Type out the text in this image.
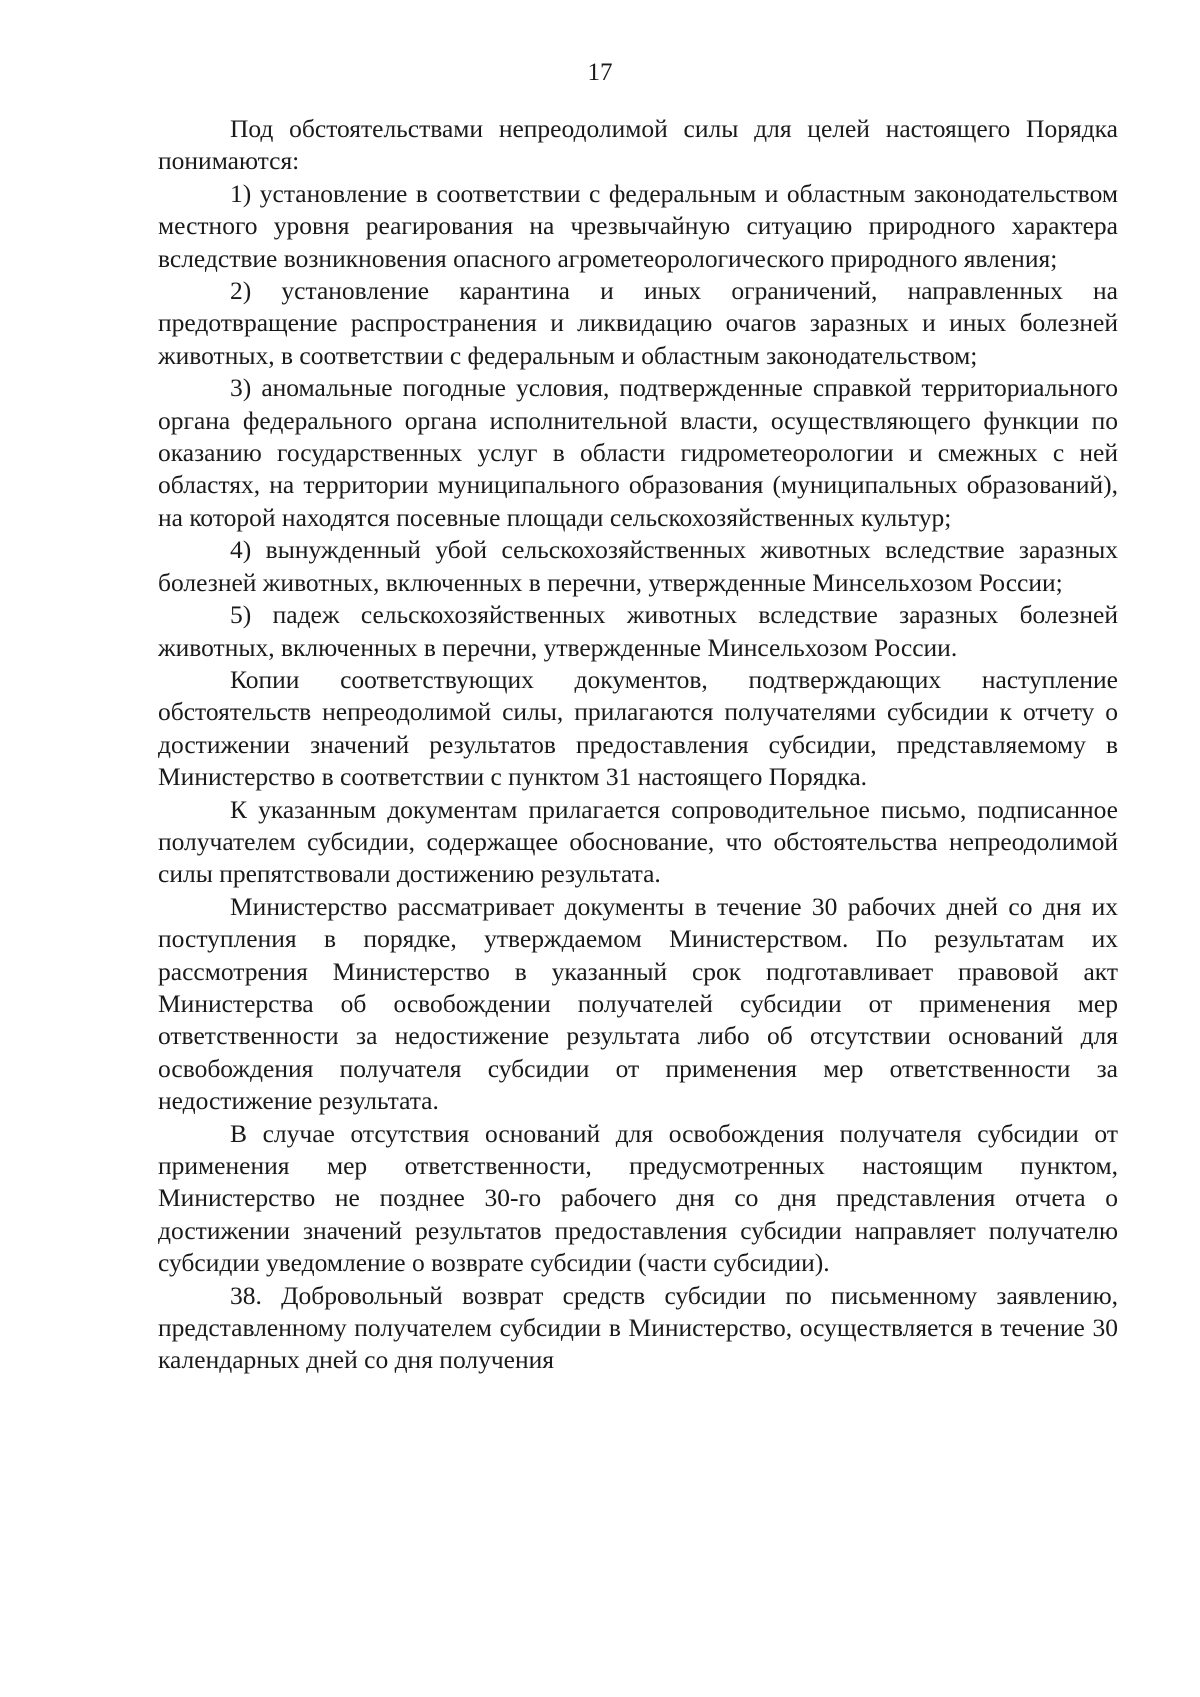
17

Под обстоятельствами непреодолимой силы для целей настоящего Порядка понимаются:

1) установление в соответствии с федеральным и областным законодательством местного уровня реагирования на чрезвычайную ситуацию природного характера вследствие возникновения опасного агрометеорологического природного явления;

2) установление карантина и иных ограничений, направленных на предотвращение распространения и ликвидацию очагов заразных и иных болезней животных, в соответствии с федеральным и областным законодательством;

3) аномальные погодные условия, подтвержденные справкой территориального органа федерального органа исполнительной власти, осуществляющего функции по оказанию государственных услуг в области гидрометеорологии и смежных с ней областях, на территории муниципального образования (муниципальных образований), на которой находятся посевные площади сельскохозяйственных культур;

4) вынужденный убой сельскохозяйственных животных вследствие заразных болезней животных, включенных в перечни, утвержденные Минсельхозом России;

5) падеж сельскохозяйственных животных вследствие заразных болезней животных, включенных в перечни, утвержденные Минсельхозом России.

Копии соответствующих документов, подтверждающих наступление обстоятельств непреодолимой силы, прилагаются получателями субсидии к отчету о достижении значений результатов предоставления субсидии, представляемому в Министерство в соответствии с пунктом 31 настоящего Порядка.

К указанным документам прилагается сопроводительное письмо, подписанное получателем субсидии, содержащее обоснование, что обстоятельства непреодолимой силы препятствовали достижению результата.

Министерство рассматривает документы в течение 30 рабочих дней со дня их поступления в порядке, утверждаемом Министерством. По результатам их рассмотрения Министерство в указанный срок подготавливает правовой акт Министерства об освобождении получателей субсидии от применения мер ответственности за недостижение результата либо об отсутствии оснований для освобождения получателя субсидии от применения мер ответственности за недостижение результата.

В случае отсутствия оснований для освобождения получателя субсидии от применения мер ответственности, предусмотренных настоящим пунктом, Министерство не позднее 30-го рабочего дня со дня представления отчета о достижении значений результатов предоставления субсидии направляет получателю субсидии уведомление о возврате субсидии (части субсидии).

38. Добровольный возврат средств субсидии по письменному заявлению, представленному получателем субсидии в Министерство, осуществляется в течение 30 календарных дней со дня получения
